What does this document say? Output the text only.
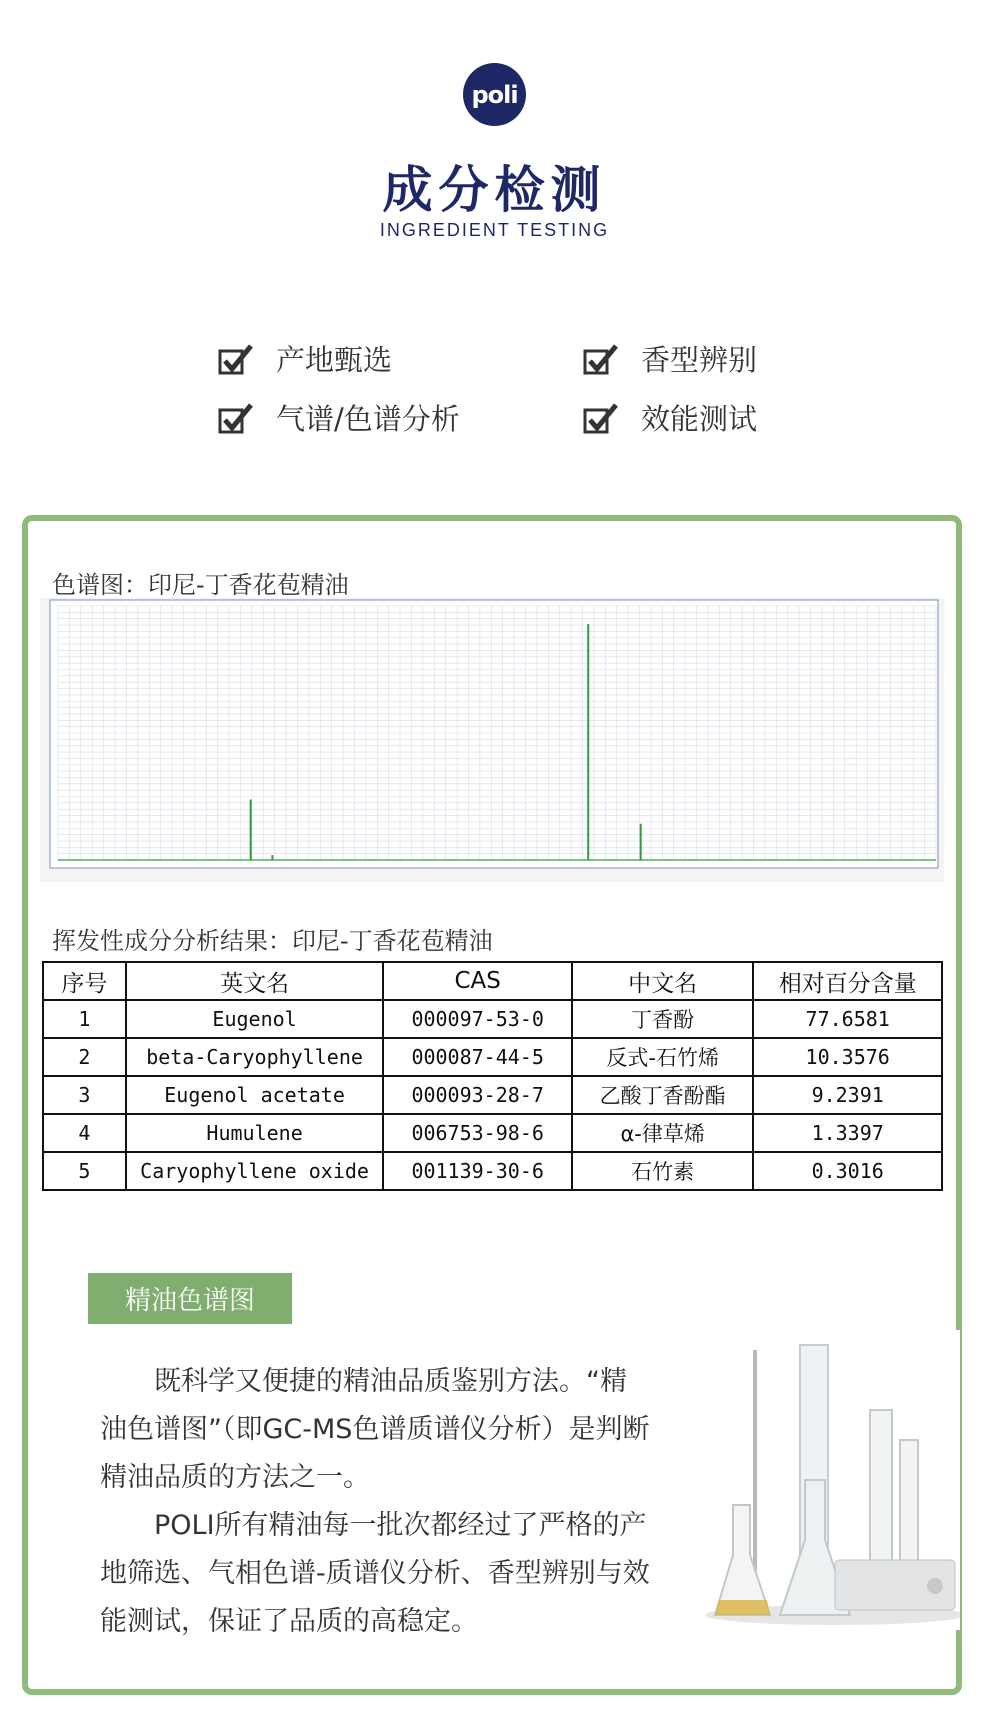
poli
成分检测
INGREDIENT TESTING
产地甄选	香型辨别
气谱/色谱分析	效能测试
色谱图：印尼-丁香花苞精油
挥发性成分分析结果：印尼-丁香花苞精油
序号	英文名	CAS	中文名	相对百分含量
1	Eugenol	000097-53-0	丁香酚	77.6581
2	beta-Caryophyllene	000087-44-5	反式-石竹烯	10.3576
3	Eugenol acetate	000093-28-7	乙酸丁香酚酯	9.2391
4	Humulene	006753-98-6	α-律草烯	1.3397
5	Caryophyllene oxide	001139-30-6	石竹素	0.3016
精油色谱图
既科学又便捷的精油品质鉴别方法。“精油色谱图”（即GC-MS色谱质谱仪分析）是判断精油品质的方法之一。
POLI所有精油每一批次都经过了严格的产地筛选、气相色谱-质谱仪分析、香型辨别与效能测试，保证了品质的高稳定。
